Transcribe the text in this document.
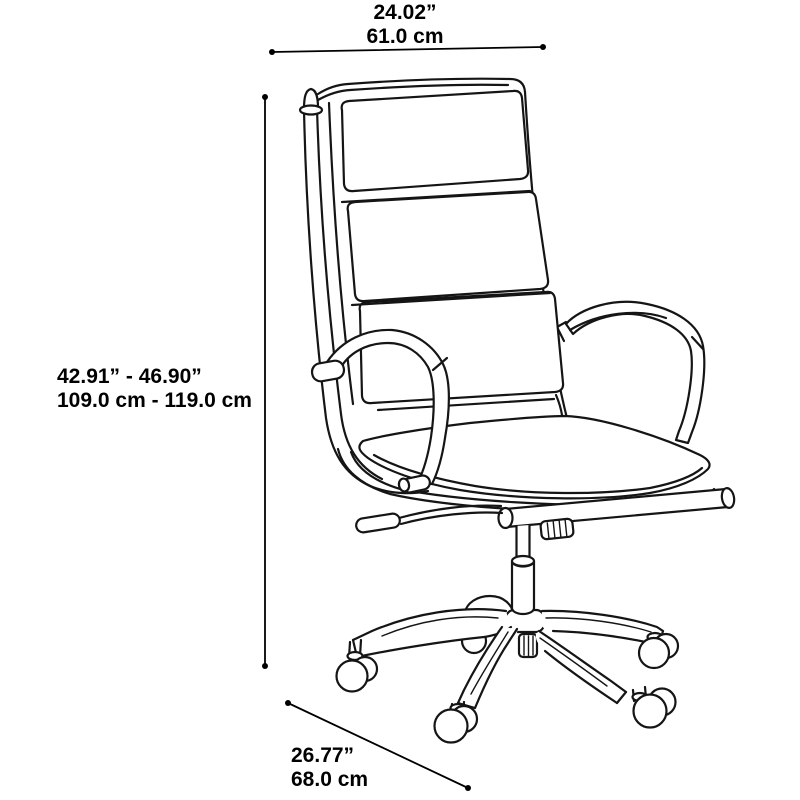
24.02”
61.0 cm
42.91” - 46.90”
109.0 cm - 119.0 cm
26.77”
68.0 cm
